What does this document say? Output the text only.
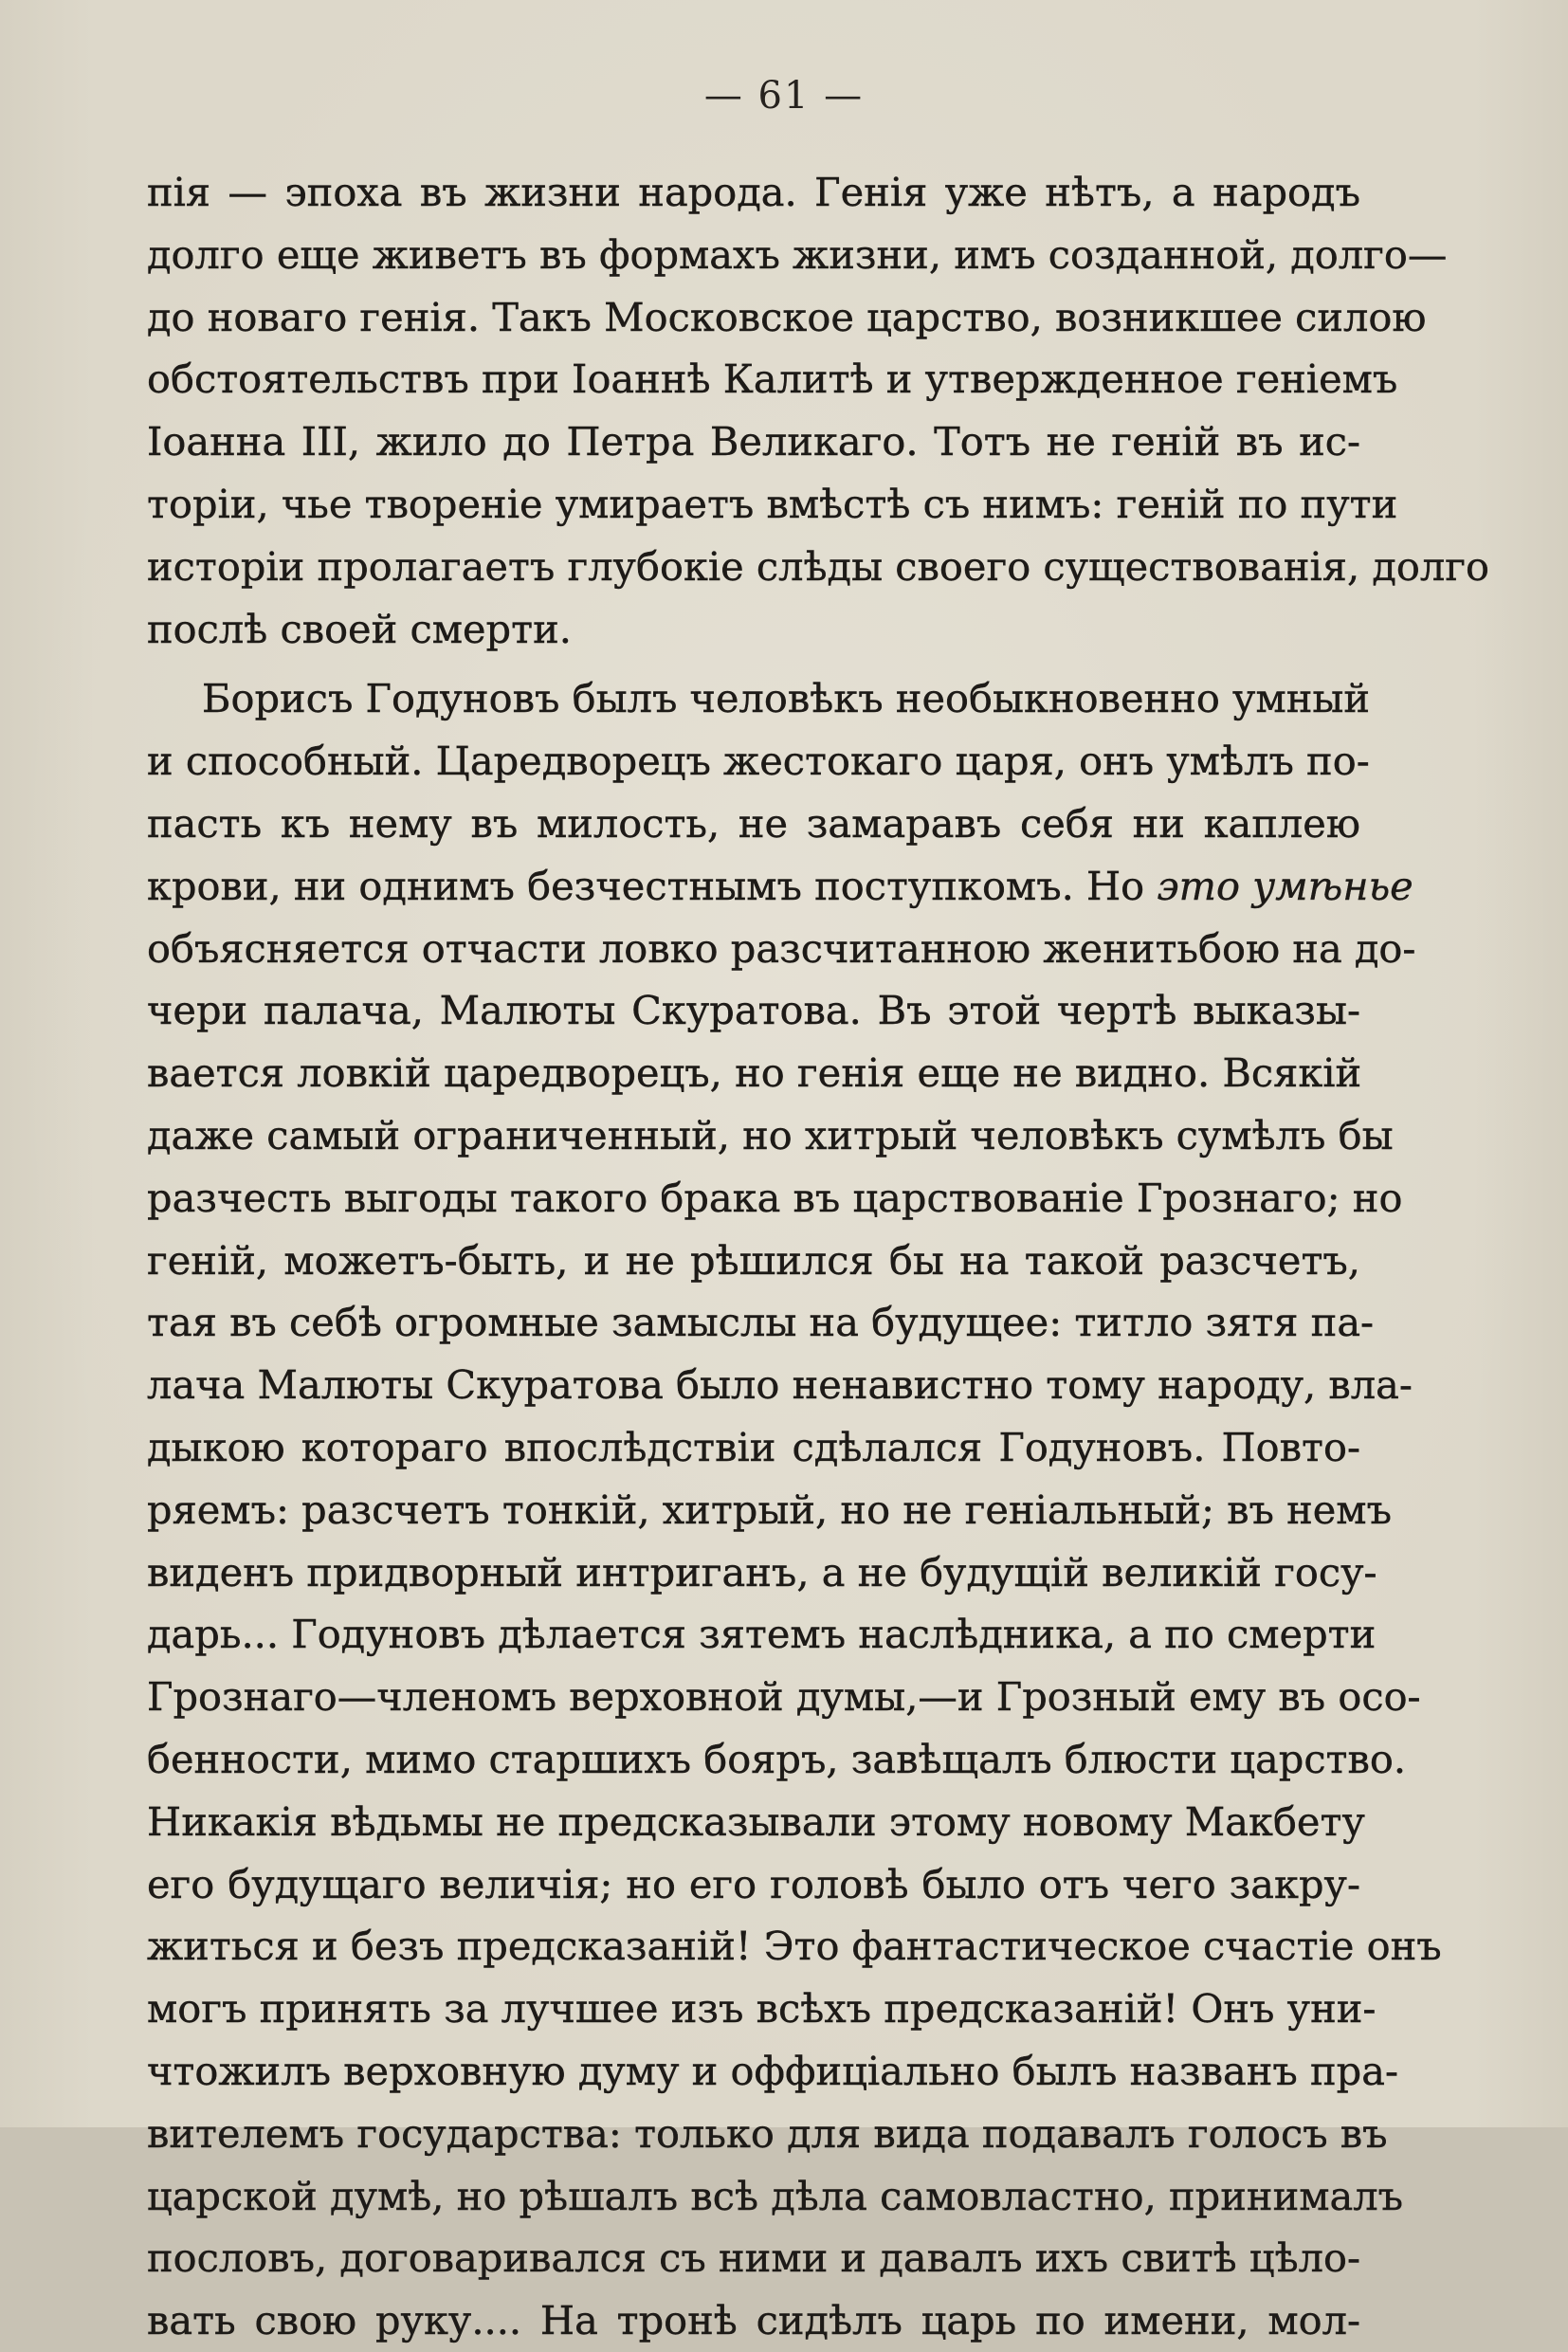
— 61 —
пія — эпоха въ жизни народа. Генія уже нѣтъ, а народъ
долго еще живетъ въ формахъ жизни, имъ созданной, долго—
до новаго генія. Такъ Московское царство, возникшее силою
обстоятельствъ при Іоаннѣ Калитѣ и утвержденное геніемъ
Іоанна III, жило до Петра Великаго. Тотъ не геній въ ис-
торіи, чье твореніе умираетъ вмѣстѣ съ нимъ: геній по пути
исторіи пролагаетъ глубокіе слѣды своего существованія, долго
послѣ своей смерти.
Борисъ Годуновъ былъ человѣкъ необыкновенно умный
и способный. Царедворецъ жестокаго царя, онъ умѣлъ по-
пасть къ нему въ милость, не замаравъ себя ни каплею
крови, ни однимъ безчестнымъ поступкомъ. Но это умѣнье
объясняется отчасти ловко разсчитанною женитьбою на до-
чери палача, Малюты Скуратова. Въ этой чертѣ выказы-
вается ловкій царедворецъ, но генія еще не видно. Всякій
даже самый ограниченный, но хитрый человѣкъ сумѣлъ бы
разчесть выгоды такого брака въ царствованіе Грознаго; но
геній, можетъ-быть, и не рѣшился бы на такой разсчетъ,
тая въ себѣ огромные замыслы на будущее: титло зятя па-
лача Малюты Скуратова было ненавистно тому народу, вла-
дыкою котораго впослѣдствіи сдѣлался Годуновъ. Повто-
ряемъ: разсчетъ тонкій, хитрый, но не геніальный; въ немъ
виденъ придворный интриганъ, а не будущій великій госу-
дарь... Годуновъ дѣлается зятемъ наслѣдника, а по смерти
Грознаго—членомъ верховной думы,—и Грозный ему въ осо-
бенности, мимо старшихъ бояръ, завѣщалъ блюсти царство.
Никакія вѣдьмы не предсказывали этому новому Макбету
его будущаго величія; но его головѣ было отъ чего закру-
житься и безъ предсказаній! Это фантастическое счастіе онъ
могъ принять за лучшее изъ всѣхъ предсказаній! Онъ уни-
чтожилъ верховную думу и оффиціально былъ названъ пра-
вителемъ государства: только для вида подавалъ голосъ въ
царской думѣ, но рѣшалъ всѣ дѣла самовластно, принималъ
пословъ, договаривался съ ними и давалъ ихъ свитѣ цѣло-
вать свою руку.... На тронѣ сидѣлъ царь по имени, мол-
